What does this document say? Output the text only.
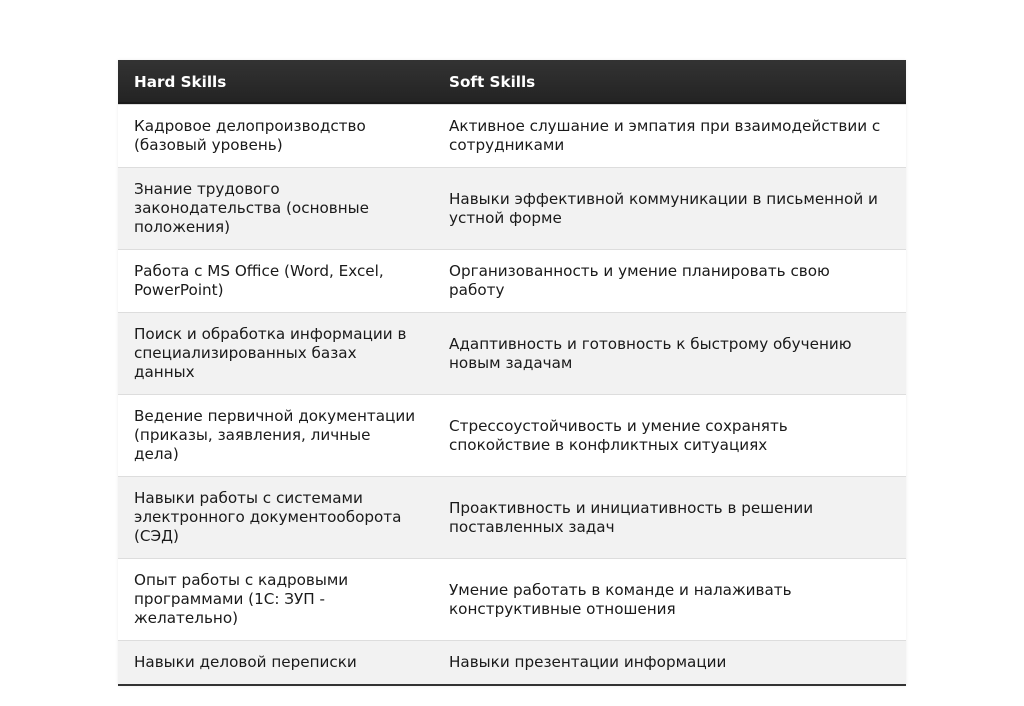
Hard Skills	Soft Skills
Кадровое делопроизводство (базовый уровень)	Активное слушание и эмпатия при взаимодействии с сотрудниками
Знание трудового законодательства (основные положения)	Навыки эффективной коммуникации в письменной и устной форме
Работа с MS Office (Word, Excel, PowerPoint)	Организованность и умение планировать свою работу
Поиск и обработка информации в специализированных базах данных	Адаптивность и готовность к быстрому обучению новым задачам
Ведение первичной документации (приказы, заявления, личные дела)	Стрессоустойчивость и умение сохранять спокойствие в конфликтных ситуациях
Навыки работы с системами электронного документооборота (СЭД)	Проактивность и инициативность в решении поставленных задач
Опыт работы с кадровыми программами (1С: ЗУП - желательно)	Умение работать в команде и налаживать конструктивные отношения
Навыки деловой переписки	Навыки презентации информации
